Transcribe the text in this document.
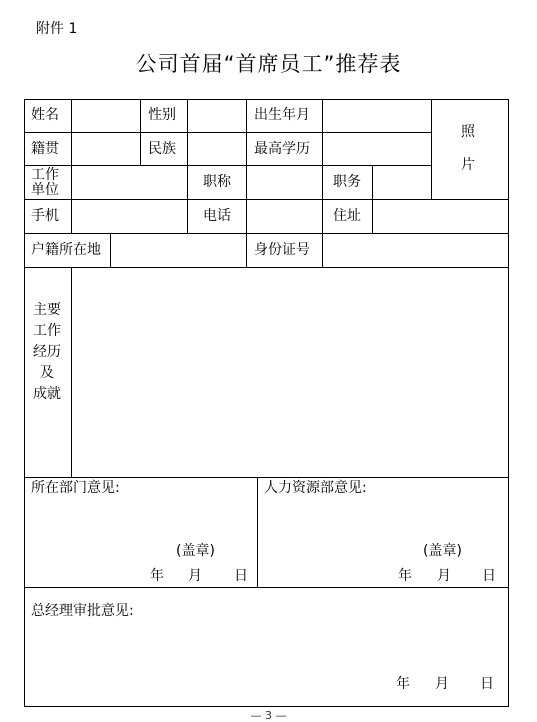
附件 1
公司首届“首席员工”推荐表
姓名	性别	出生年月
照
片
籍贯	民族	最高学历
工作
单位	职称	职务
手机	电话	住址
户籍所在地	身份证号
主要
工作
经历
及
成就
所在部门意见:	人力资源部意见:
(盖章)	(盖章)
年 月 日	年 月 日
总经理审批意见:
年 月 日
— 3 —
